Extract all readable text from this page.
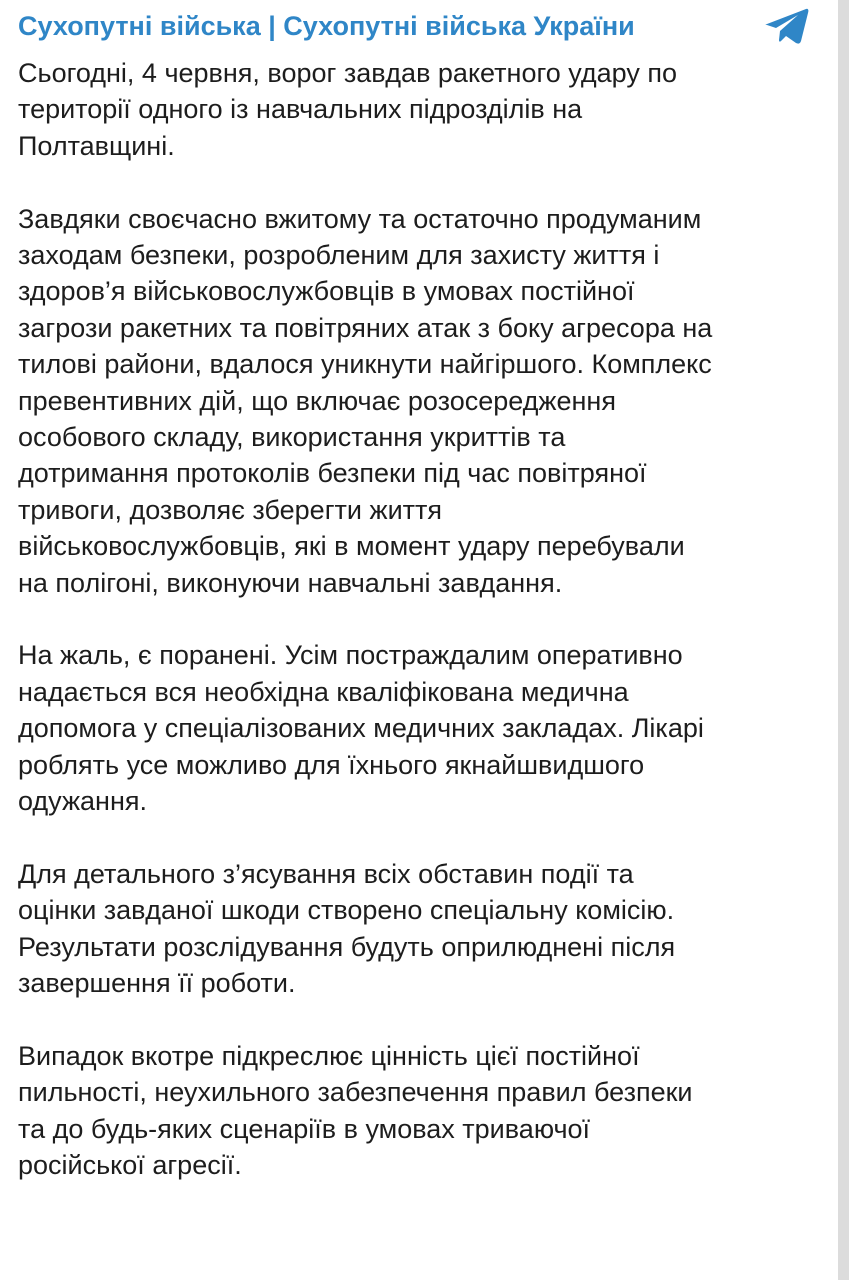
Сухопутні війська | Сухопутні війська України

Сьогодні, 4 червня, ворог завдав ракетного удару по
території одного із навчальних підрозділів на
Полтавщині.

Завдяки своєчасно вжитому та остаточно продуманим
заходам безпеки, розробленим для захисту життя і
здоров’я військовослужбовців в умовах постійної
загрози ракетних та повітряних атак з боку агресора на
тилові райони, вдалося уникнути найгіршого. Комплекс
превентивних дій, що включає розосередження
особового складу, використання укриттів та
дотримання протоколів безпеки під час повітряної
тривоги, дозволяє зберегти життя
військовослужбовців, які в момент удару перебували
на полігоні, виконуючи навчальні завдання.

На жаль, є поранені. Усім постраждалим оперативно
надається вся необхідна кваліфікована медична
допомога у спеціалізованих медичних закладах. Лікарі
роблять усе можливо для їхнього якнайшвидшого
одужання.

Для детального з’ясування всіх обставин події та
оцінки завданої шкоди створено спеціальну комісію.
Результати розслідування будуть оприлюднені після
завершення її роботи.

Випадок вкотре підкреслює цінність цієї постійної
пильності, неухильного забезпечення правил безпеки
та до будь-яких сценаріїв в умовах триваючої
російської агресії.
